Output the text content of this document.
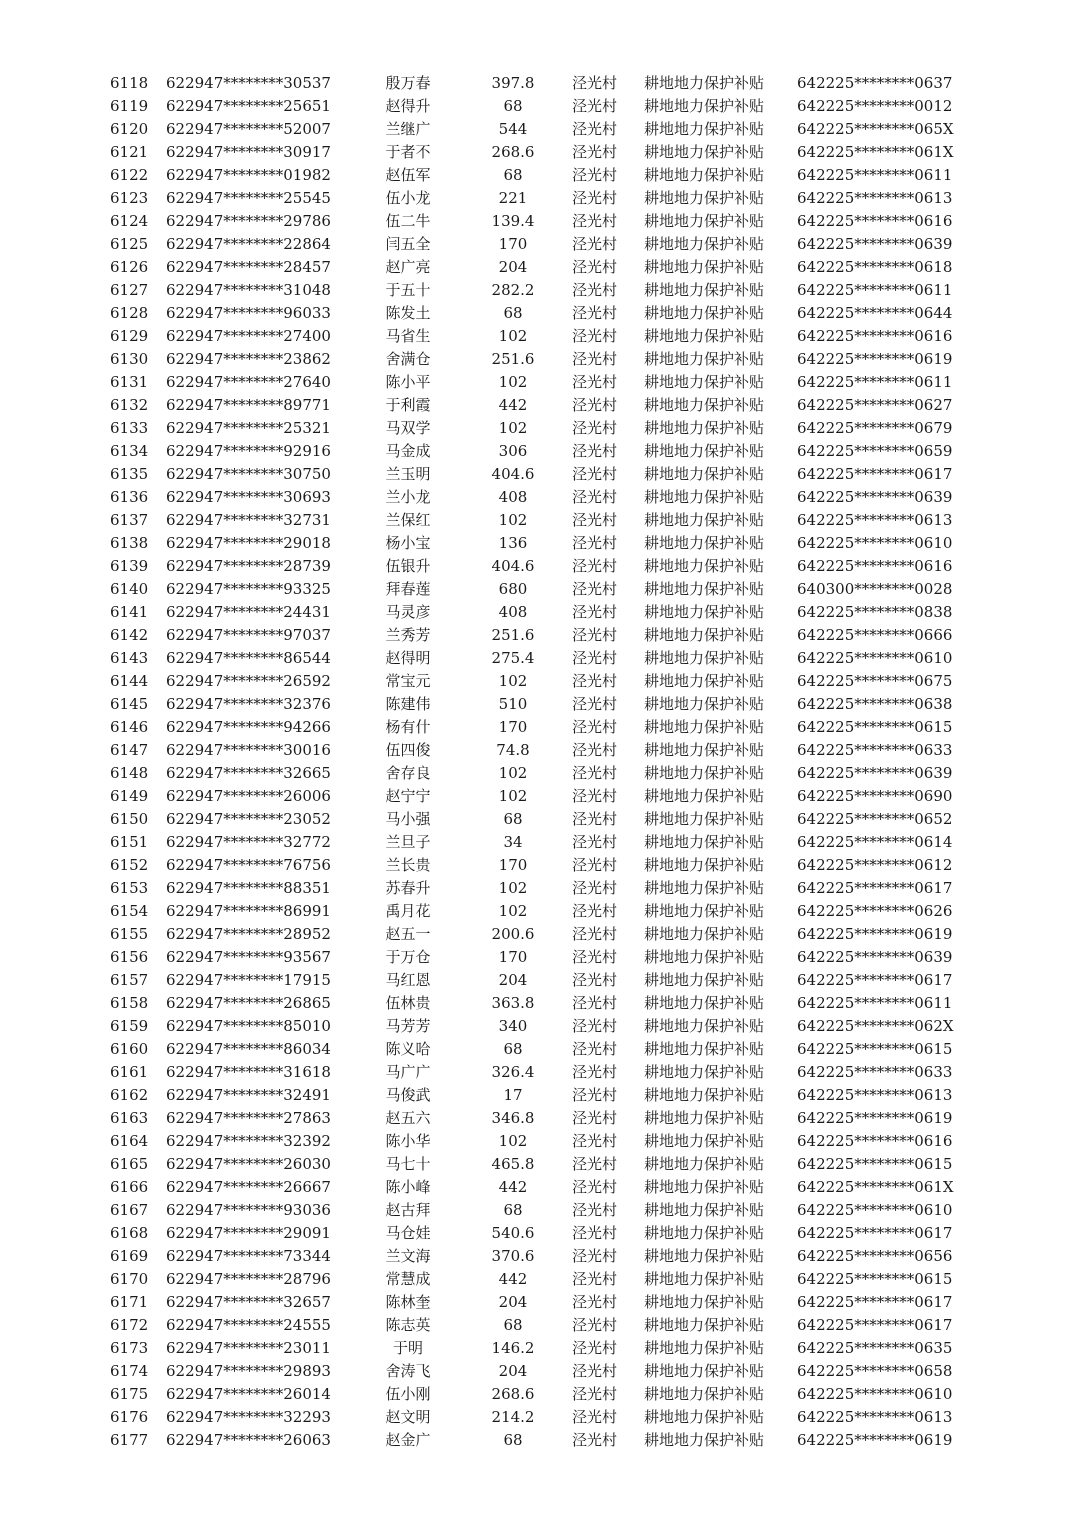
6118 622947********30537	殷万春	397.8	泾光村 耕地地力保护补贴 642225********0637
6119 622947********25651	赵得升	68	泾光村 耕地地力保护补贴 642225********0012
6120 622947********52007	兰继广	544	泾光村 耕地地力保护补贴 642225********065X
6121 622947********30917	于者不	268.6	泾光村 耕地地力保护补贴 642225********061X
6122 622947********01982	赵伍军	68	泾光村 耕地地力保护补贴 642225********0611
6123 622947********25545	伍小龙	221	泾光村 耕地地力保护补贴 642225********0613
6124 622947********29786	伍二牛	139.4	泾光村 耕地地力保护补贴 642225********0616
6125 622947********22864	闫五全	170	泾光村 耕地地力保护补贴 642225********0639
6126 622947********28457	赵广亮	204	泾光村 耕地地力保护补贴 642225********0618
6127 622947********31048	于五十	282.2	泾光村 耕地地力保护补贴 642225********0611
6128 622947********96033	陈发土	68	泾光村 耕地地力保护补贴 642225********0644
6129 622947********27400	马省生	102	泾光村 耕地地力保护补贴 642225********0616
6130 622947********23862	舍满仓	251.6	泾光村 耕地地力保护补贴 642225********0619
6131 622947********27640	陈小平	102	泾光村 耕地地力保护补贴 642225********0611
6132 622947********89771	于利霞	442	泾光村 耕地地力保护补贴 642225********0627
6133 622947********25321	马双学	102	泾光村 耕地地力保护补贴 642225********0679
6134 622947********92916	马金成	306	泾光村 耕地地力保护补贴 642225********0659
6135 622947********30750	兰玉明	404.6	泾光村 耕地地力保护补贴 642225********0617
6136 622947********30693	兰小龙	408	泾光村 耕地地力保护补贴 642225********0639
6137 622947********32731	兰保红	102	泾光村 耕地地力保护补贴 642225********0613
6138 622947********29018	杨小宝	136	泾光村 耕地地力保护补贴 642225********0610
6139 622947********28739	伍银升	404.6	泾光村 耕地地力保护补贴 642225********0616
6140 622947********93325	拜春莲	680	泾光村 耕地地力保护补贴 640300********0028
6141 622947********24431	马灵彦	408	泾光村 耕地地力保护补贴 642225********0838
6142 622947********97037	兰秀芳	251.6	泾光村 耕地地力保护补贴 642225********0666
6143 622947********86544	赵得明	275.4	泾光村 耕地地力保护补贴 642225********0610
6144 622947********26592	常宝元	102	泾光村 耕地地力保护补贴 642225********0675
6145 622947********32376	陈建伟	510	泾光村 耕地地力保护补贴 642225********0638
6146 622947********94266	杨有什	170	泾光村 耕地地力保护补贴 642225********0615
6147 622947********30016	伍四俊	74.8	泾光村 耕地地力保护补贴 642225********0633
6148 622947********32665	舍存良	102	泾光村 耕地地力保护补贴 642225********0639
6149 622947********26006	赵宁宁	102	泾光村 耕地地力保护补贴 642225********0690
6150 622947********23052	马小强	68	泾光村 耕地地力保护补贴 642225********0652
6151 622947********32772	兰旦子	34	泾光村 耕地地力保护补贴 642225********0614
6152 622947********76756	兰长贵	170	泾光村 耕地地力保护补贴 642225********0612
6153 622947********88351	苏春升	102	泾光村 耕地地力保护补贴 642225********0617
6154 622947********86991	禹月花	102	泾光村 耕地地力保护补贴 642225********0626
6155 622947********28952	赵五一	200.6	泾光村 耕地地力保护补贴 642225********0619
6156 622947********93567	于万仓	170	泾光村 耕地地力保护补贴 642225********0639
6157 622947********17915	马红恩	204	泾光村 耕地地力保护补贴 642225********0617
6158 622947********26865	伍林贵	363.8	泾光村 耕地地力保护补贴 642225********0611
6159 622947********85010	马芳芳	340	泾光村 耕地地力保护补贴 642225********062X
6160 622947********86034	陈义哈	68	泾光村 耕地地力保护补贴 642225********0615
6161 622947********31618	马广广	326.4	泾光村 耕地地力保护补贴 642225********0633
6162 622947********32491	马俊武	17	泾光村 耕地地力保护补贴 642225********0613
6163 622947********27863	赵五六	346.8	泾光村 耕地地力保护补贴 642225********0619
6164 622947********32392	陈小华	102	泾光村 耕地地力保护补贴 642225********0616
6165 622947********26030	马七十	465.8	泾光村 耕地地力保护补贴 642225********0615
6166 622947********26667	陈小峰	442	泾光村 耕地地力保护补贴 642225********061X
6167 622947********93036	赵古拜	68	泾光村 耕地地力保护补贴 642225********0610
6168 622947********29091	马仓娃	540.6	泾光村 耕地地力保护补贴 642225********0617
6169 622947********73344	兰文海	370.6	泾光村 耕地地力保护补贴 642225********0656
6170 622947********28796	常慧成	442	泾光村 耕地地力保护补贴 642225********0615
6171 622947********32657	陈林奎	204	泾光村 耕地地力保护补贴 642225********0617
6172 622947********24555	陈志英	68	泾光村 耕地地力保护补贴 642225********0617
6173 622947********23011	于明	146.2	泾光村 耕地地力保护补贴 642225********0635
6174 622947********29893	舍涛飞	204	泾光村 耕地地力保护补贴 642225********0658
6175 622947********26014	伍小刚	268.6	泾光村 耕地地力保护补贴 642225********0610
6176 622947********32293	赵文明	214.2	泾光村 耕地地力保护补贴 642225********0613
6177 622947********26063	赵金广	68	泾光村 耕地地力保护补贴 642225********0619
